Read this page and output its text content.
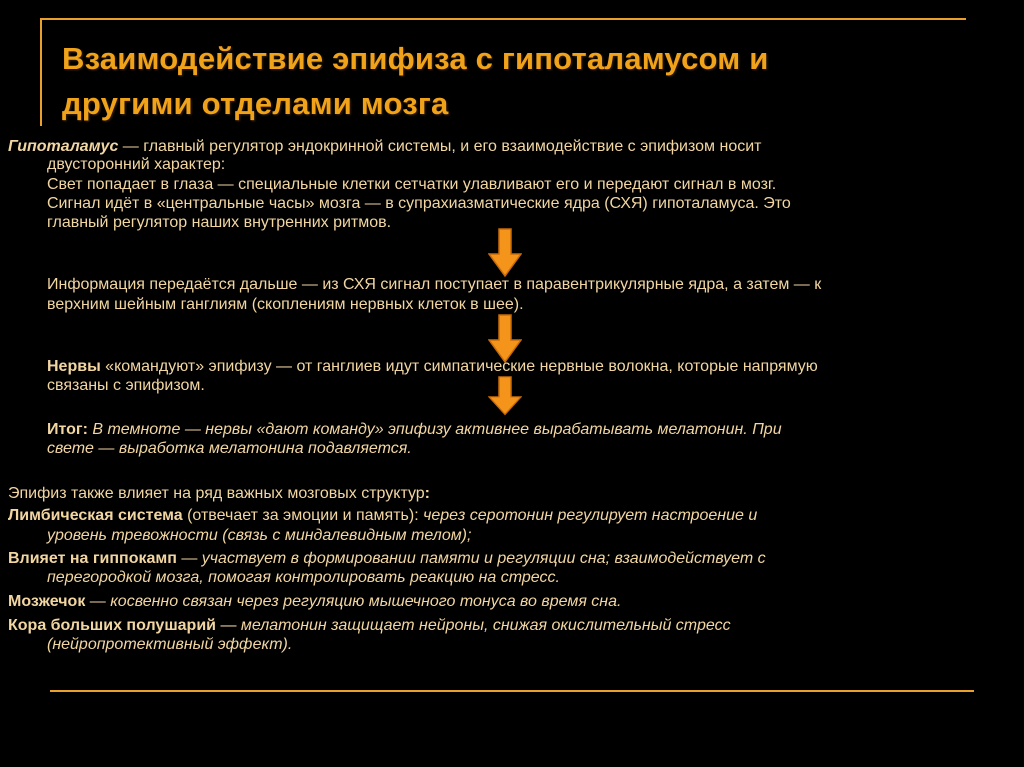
Взаимодействие эпифиза с гипоталамусом и
другими отделами мозга
Гипоталамус — главный регулятор эндокринной системы, и его взаимодействие с эпифизом носит
двусторонний характер:
Свет попадает в глаза — специальные клетки сетчатки улавливают его и передают сигнал в мозг.
Сигнал идёт в «центральные часы» мозга — в супрахиазматические ядра (СХЯ) гипоталамуса. Это
главный регулятор наших внутренних ритмов.
Информация передаётся дальше — из СХЯ сигнал поступает в паравентрикулярные ядра, а затем — к
верхним шейным ганглиям (скоплениям нервных клеток в шее).
Нервы «командуют» эпифизу — от ганглиев идут симпатические нервные волокна, которые напрямую
связаны с эпифизом.
Итог: В темноте — нервы «дают команду» эпифизу активнее вырабатывать мелатонин. При
свете — выработка мелатонина подавляется.
Эпифиз также влияет на ряд важных мозговых структур:
Лимбическая система (отвечает за эмоции и память): через серотонин регулирует настроение и
уровень тревожности (связь с миндалевидным телом);
Влияет на гиппокамп — участвует в формировании памяти и регуляции сна; взаимодействует с
перегородкой мозга, помогая контролировать реакцию на стресс.
Мозжечок — косвенно связан через регуляцию мышечного тонуса во время сна.
Кора больших полушарий — мелатонин защищает нейроны, снижая окислительный стресс
(нейропротективный эффект).
